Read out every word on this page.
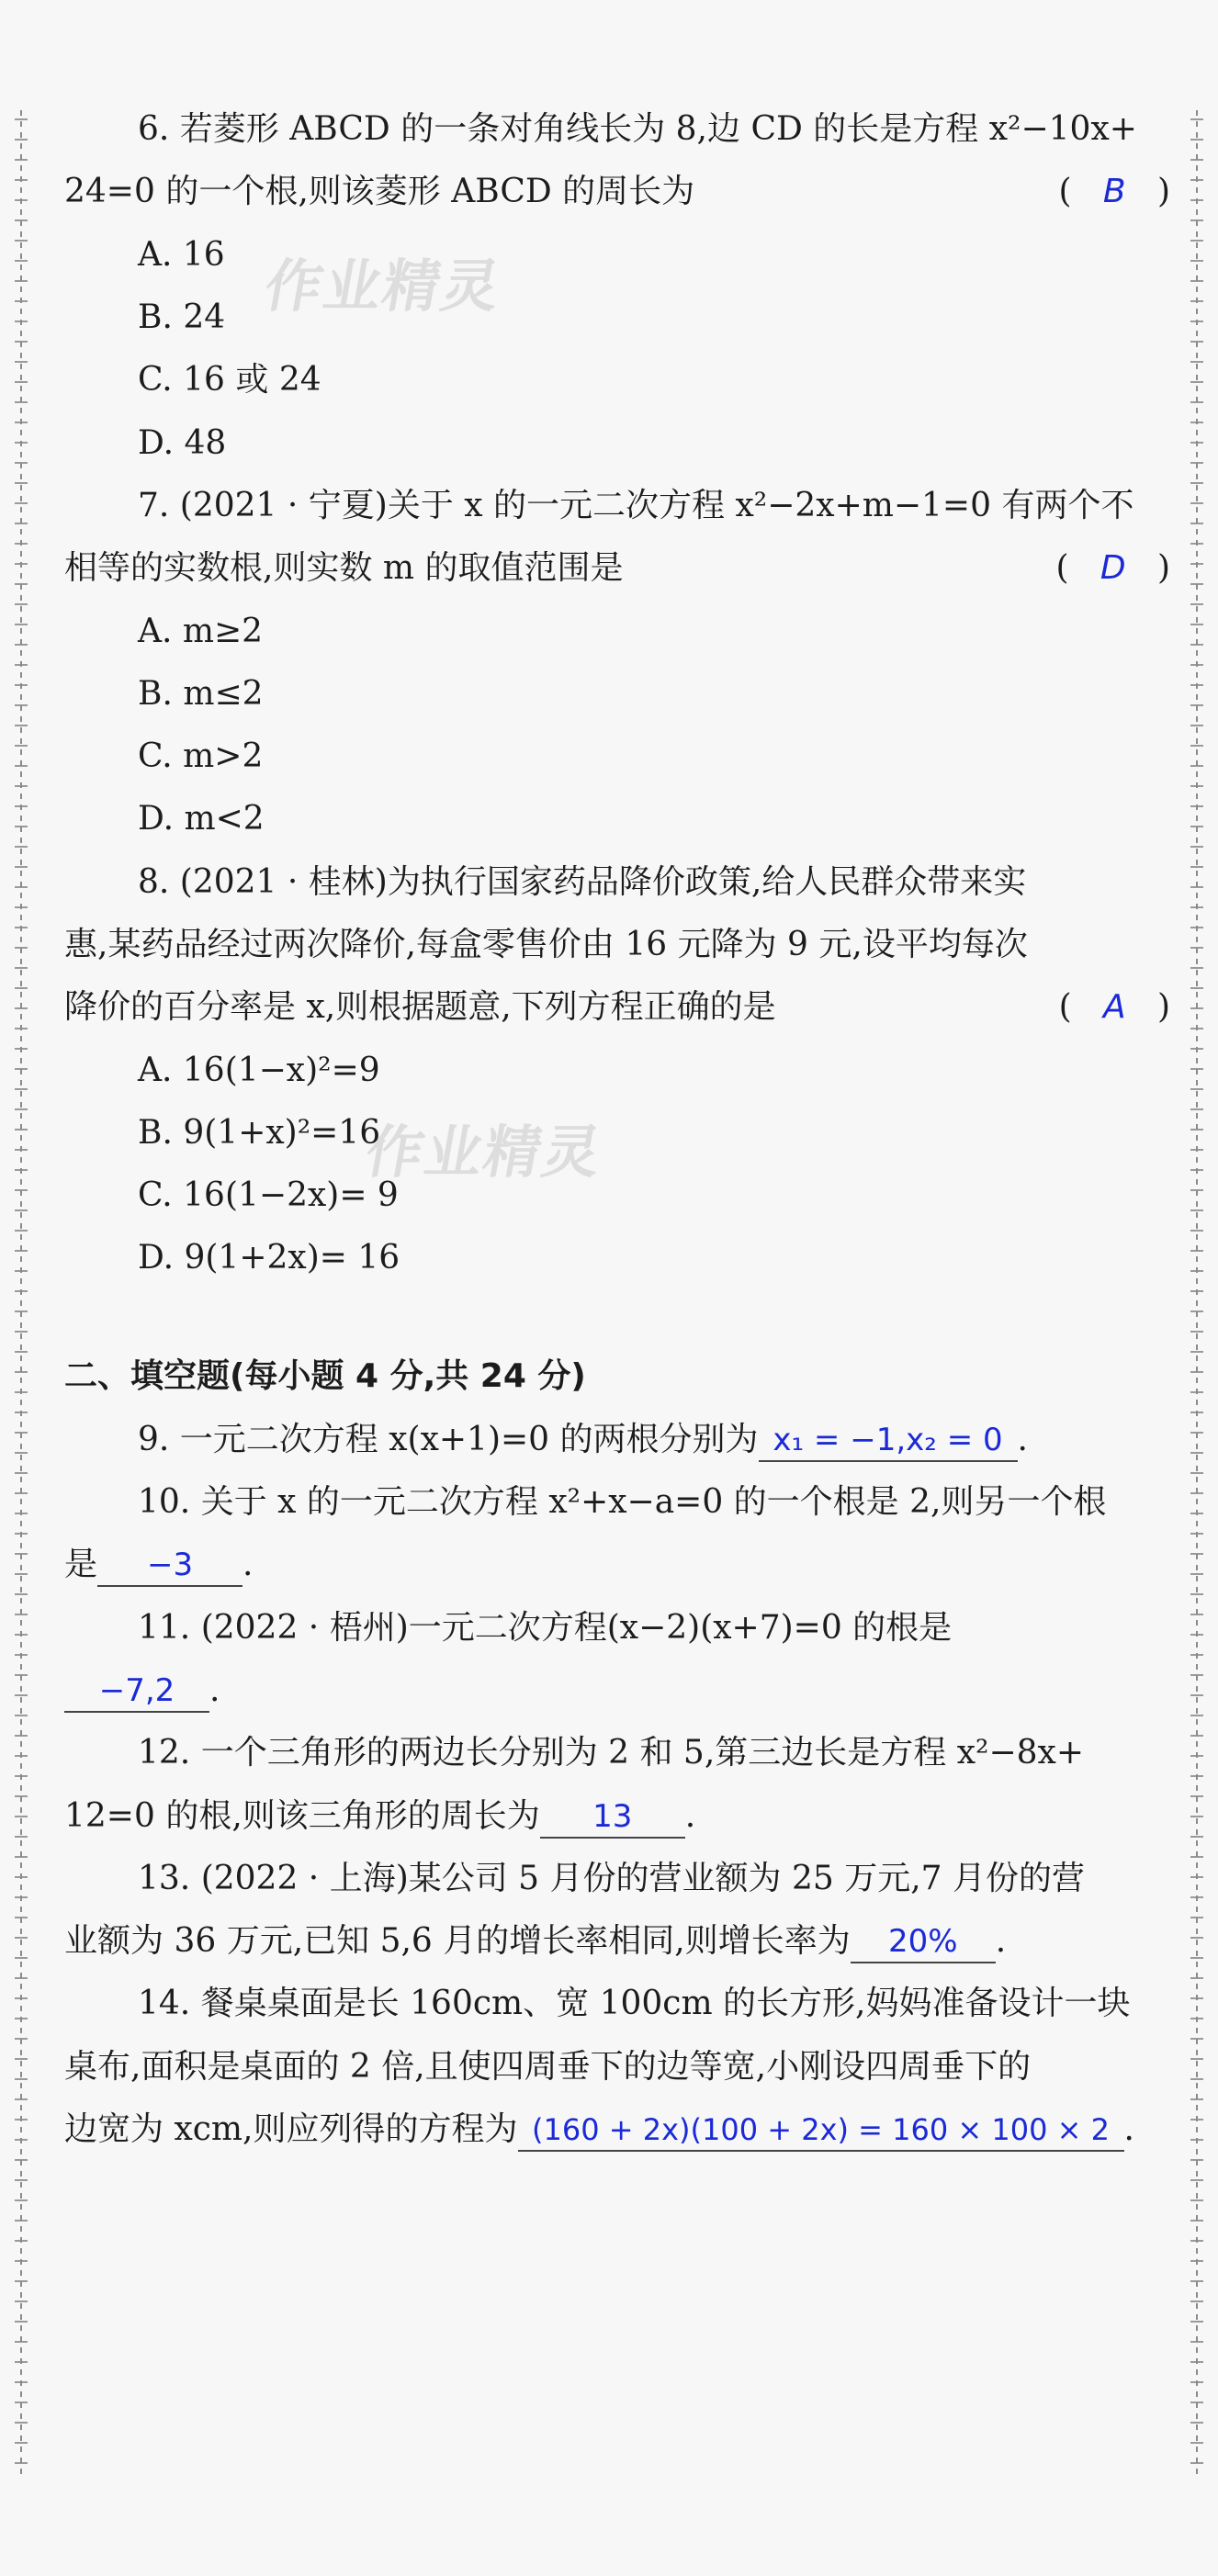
作业精灵
作业精灵
6. 若菱形 ABCD 的一条对角线长为 8,边 CD 的长是方程 x²−10x+
24=0 的一个根,则该菱形 ABCD 的周长为	(   B   )
A. 16
B. 24
C. 16 或 24
D. 48
7. (2021 · 宁夏)关于 x 的一元二次方程 x²−2x+m−1=0 有两个不
相等的实数根,则实数 m 的取值范围是	(   D   )
A. m≥2
B. m≤2
C. m>2
D. m<2
8. (2021 · 桂林)为执行国家药品降价政策,给人民群众带来实
惠,某药品经过两次降价,每盒零售价由 16 元降为 9 元,设平均每次
降价的百分率是 x,则根据题意,下列方程正确的是	(   A   )
A. 16(1−x)²=9
B. 9(1+x)²=16
C. 16(1−2x)= 9
D. 9(1+2x)= 16
二、填空题(每小题 4 分,共 24 分)
9. 一元二次方程 x(x+1)=0 的两根分别为 x₁ = −1,x₂ = 0 .
10. 关于 x 的一元二次方程 x²+x−a=0 的一个根是 2,则另一个根
是 −3 .
11. (2022 · 梧州)一元二次方程(x−2)(x+7)=0 的根是
−7,2 .
12. 一个三角形的两边长分别为 2 和 5,第三边长是方程 x²−8x+
12=0 的根,则该三角形的周长为 13 .
13. (2022 · 上海)某公司 5 月份的营业额为 25 万元,7 月份的营
业额为 36 万元,已知 5,6 月的增长率相同,则增长率为 20% .
14. 餐桌桌面是长 160cm、宽 100cm 的长方形,妈妈准备设计一块
桌布,面积是桌面的 2 倍,且使四周垂下的边等宽,小刚设四周垂下的
边宽为 xcm,则应列得的方程为 (160 + 2x)(100 + 2x) = 160 × 100 × 2 .
